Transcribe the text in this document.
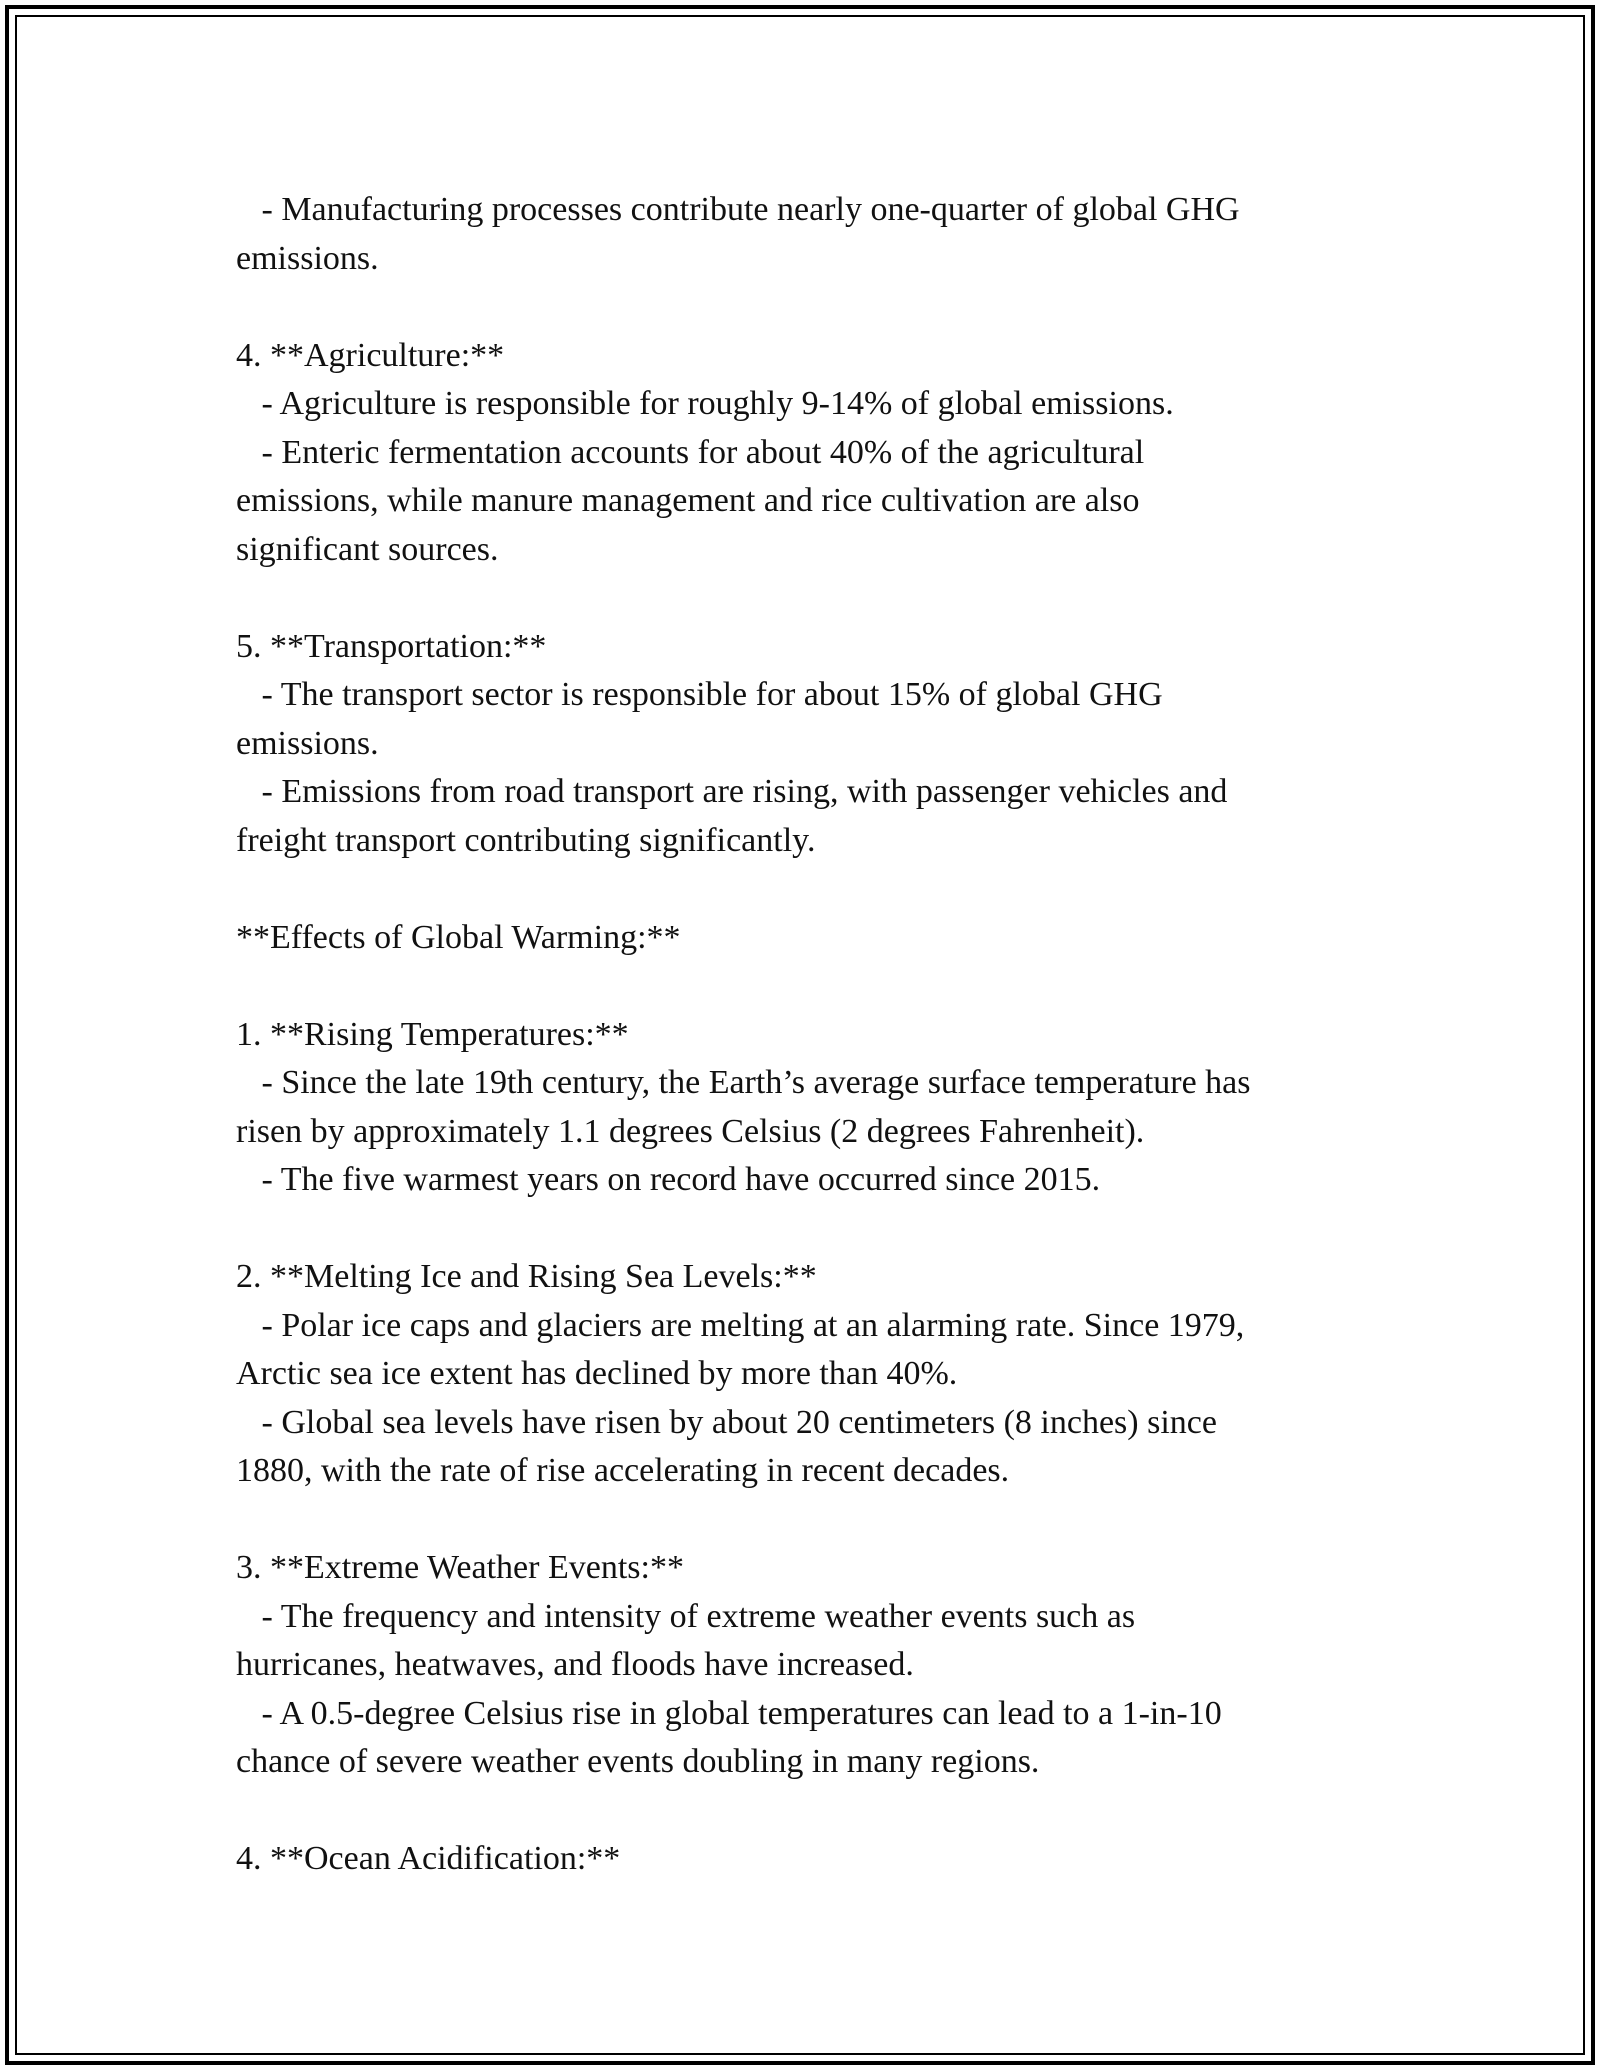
- Manufacturing processes contribute nearly one-quarter of global GHG
emissions.
4. **Agriculture:**
- Agriculture is responsible for roughly 9-14% of global emissions.
- Enteric fermentation accounts for about 40% of the agricultural
emissions, while manure management and rice cultivation are also
significant sources.
5. **Transportation:**
- The transport sector is responsible for about 15% of global GHG
emissions.
- Emissions from road transport are rising, with passenger vehicles and
freight transport contributing significantly.
**Effects of Global Warming:**
1. **Rising Temperatures:**
- Since the late 19th century, the Earth’s average surface temperature has
risen by approximately 1.1 degrees Celsius (2 degrees Fahrenheit).
- The five warmest years on record have occurred since 2015.
2. **Melting Ice and Rising Sea Levels:**
- Polar ice caps and glaciers are melting at an alarming rate. Since 1979,
Arctic sea ice extent has declined by more than 40%.
- Global sea levels have risen by about 20 centimeters (8 inches) since
1880, with the rate of rise accelerating in recent decades.
3. **Extreme Weather Events:**
- The frequency and intensity of extreme weather events such as
hurricanes, heatwaves, and floods have increased.
- A 0.5-degree Celsius rise in global temperatures can lead to a 1-in-10
chance of severe weather events doubling in many regions.
4. **Ocean Acidification:**
